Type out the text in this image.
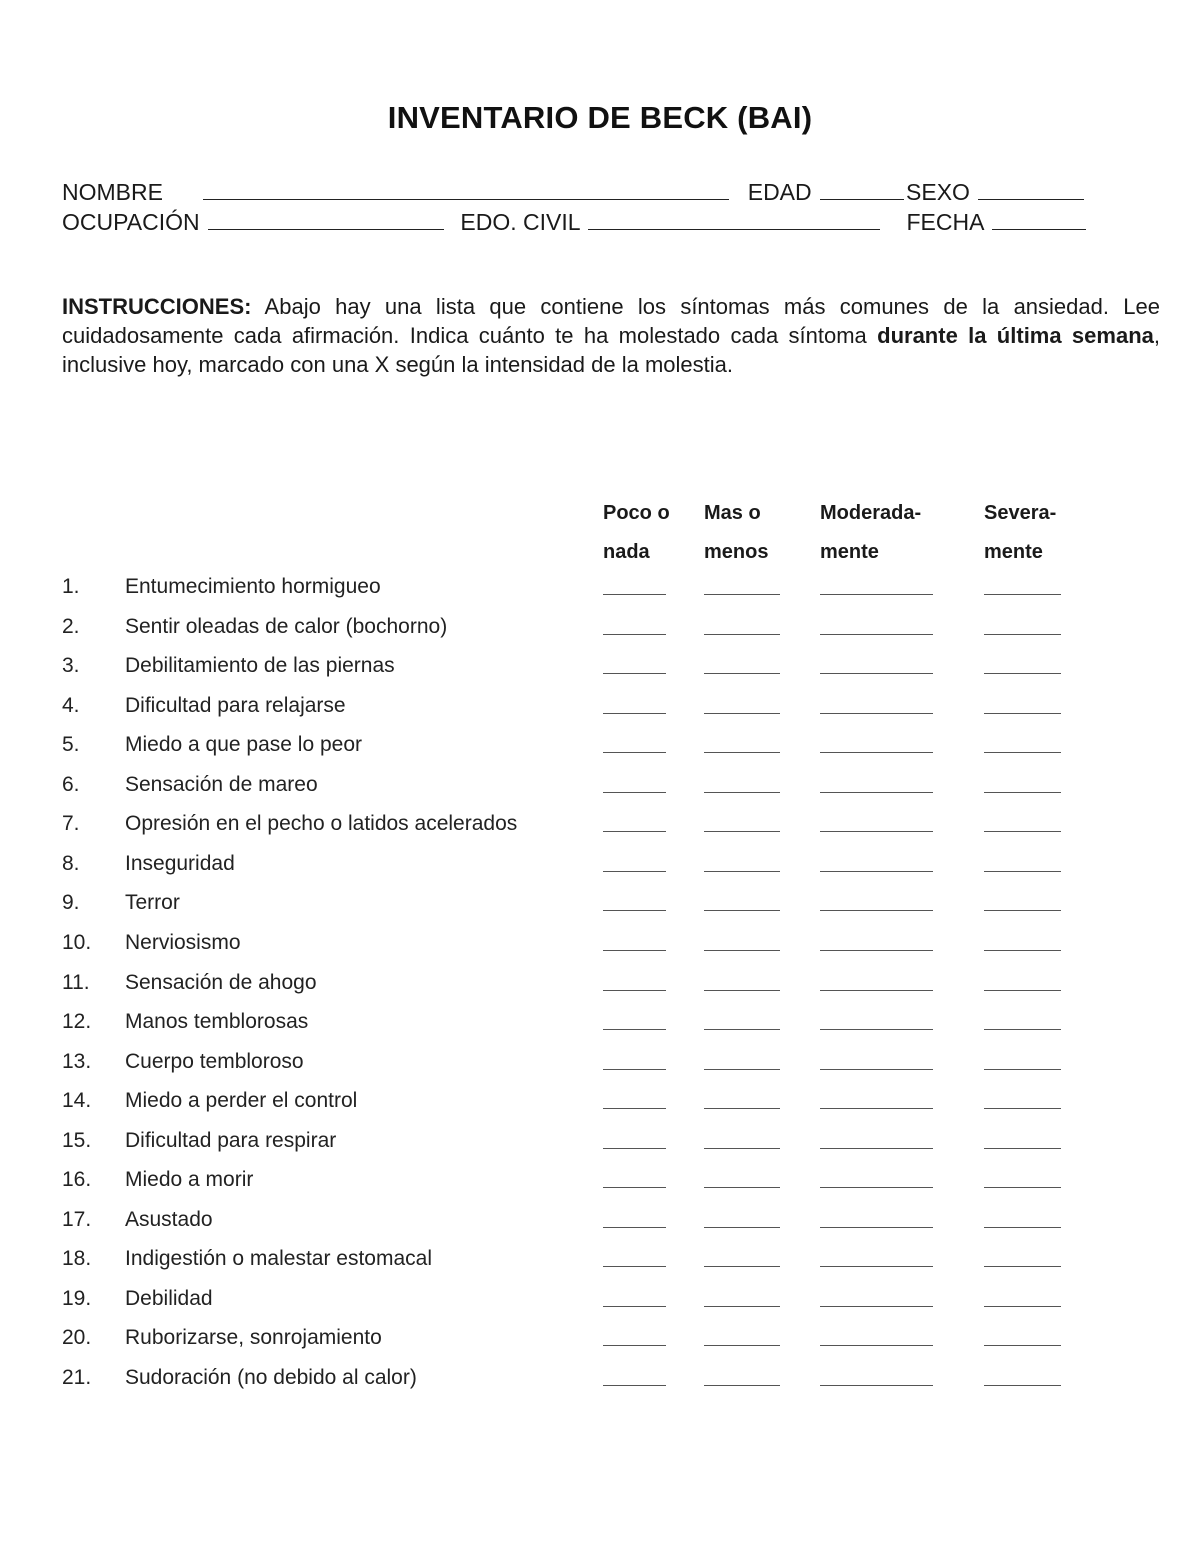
INVENTARIO DE BECK (BAI)
NOMBRE	EDAD	SEXO
OCUPACIÓN	EDO. CIVIL	FECHA
INSTRUCCIONES: Abajo hay una lista que contiene los síntomas más comunes de la ansiedad. Lee cuidadosamente cada afirmación. Indica cuánto te ha molestado cada síntoma durante la última semana, inclusive hoy, marcado con una X según la intensidad de la molestia.
Poco o
nada
Mas o
menos
Moderada-
mente
Severa-
mente
1. Entumecimiento hormigueo
2. Sentir oleadas de calor (bochorno)
3. Debilitamiento de las piernas
4. Dificultad para relajarse
5. Miedo a que pase lo peor
6. Sensación de mareo
7. Opresión en el pecho o latidos acelerados
8. Inseguridad
9. Terror
10. Nerviosismo
11. Sensación de ahogo
12. Manos temblorosas
13. Cuerpo tembloroso
14. Miedo a perder el control
15. Dificultad para respirar
16. Miedo a morir
17. Asustado
18. Indigestión o malestar estomacal
19. Debilidad
20. Ruborizarse, sonrojamiento
21. Sudoración (no debido al calor)
